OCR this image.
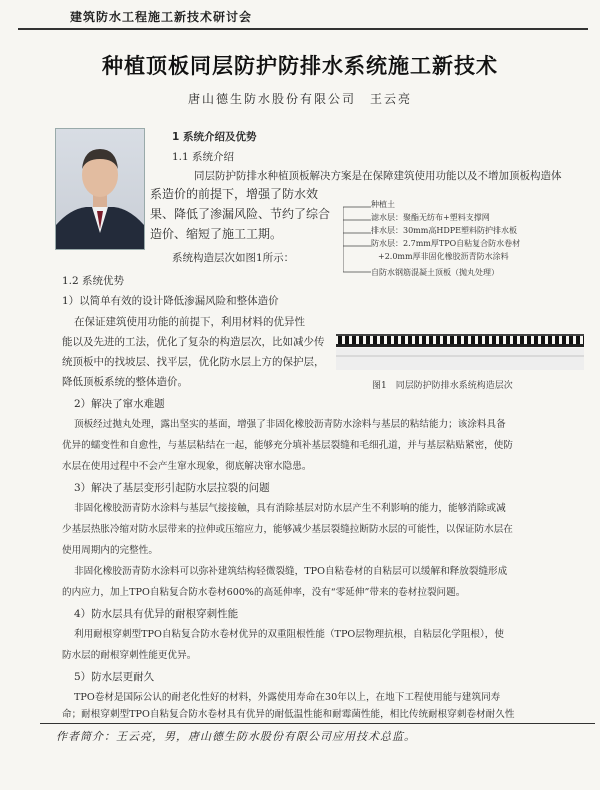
建筑防水工程施工新技术研讨会
种植顶板同层防护防排水系统施工新技术
唐山德生防水股份有限公司　王云亮
1 系统介绍及优势
1.1 系统介绍
同层防护防排水种植顶板解决方案是在保障建筑使用功能以及不增加顶板构造体
系造价的前提下，增强了防水效
果、降低了渗漏风险、节约了综合
造价、缩短了施工工期。
系统构造层次如图1所示：
种植土
滤水层：聚酯无纺布+塑料支撑网
排水层：30mm高HDPE塑料防护排水板
防水层：2.7mm厚TPO自粘复合防水卷材
+2.0mm厚非固化橡胶沥青防水涂料
自防水钢筋混凝土顶板（抛丸处理）
图1　同层防护防排水系统构造层次
1.2 系统优势
1）以简单有效的设计降低渗漏风险和整体造价
在保证建筑使用功能的前提下，利用材料的优异性
能以及先进的工法，优化了复杂的构造层次，比如减少传
统顶板中的找坡层、找平层，优化防水层上方的保护层，
降低顶板系统的整体造价。
2）解决了窜水难题
顶板经过抛丸处理，露出坚实的基面，增强了非固化橡胶沥青防水涂料与基层的粘结能力；该涂料具备
优异的蠕变性和自愈性，与基层粘结在一起，能够充分填补基层裂缝和毛细孔道，并与基层粘贴紧密，使防
水层在使用过程中不会产生窜水现象，彻底解决窜水隐患。
3）解决了基层变形引起防水层拉裂的问题
非固化橡胶沥青防水涂料与基层气接接触，具有消除基层对防水层产生不利影响的能力，能够消除或减
少基层热胀冷缩对防水层带来的拉伸或压缩应力，能够减少基层裂缝拉断防水层的可能性，以保证防水层在
使用周期内的完整性。
非固化橡胶沥青防水涂料可以弥补建筑结构轻微裂缝，TPO自粘卷材的自粘层可以缓解和释放裂缝形成
的内应力，加上TPO自粘复合防水卷材600%的高延伸率，没有“零延伸”带来的卷材拉裂问题。
4）防水层具有优异的耐根穿刺性能
利用耐根穿刺型TPO自粘复合防水卷材优异的双重阻根性能（TPO层物理抗根，自粘层化学阻根），使
防水层的耐根穿刺性能更优异。
5）防水层更耐久
TPO卷材是国际公认的耐老化性好的材料，外露使用寿命在30年以上，在地下工程使用能与建筑同寿
命；耐根穿刺型TPO自粘复合防水卷材具有优异的耐低温性能和耐霉菌性能，相比传统耐根穿刺卷材耐久性
作者简介：王云亮，男，唐山德生防水股份有限公司应用技术总监。
